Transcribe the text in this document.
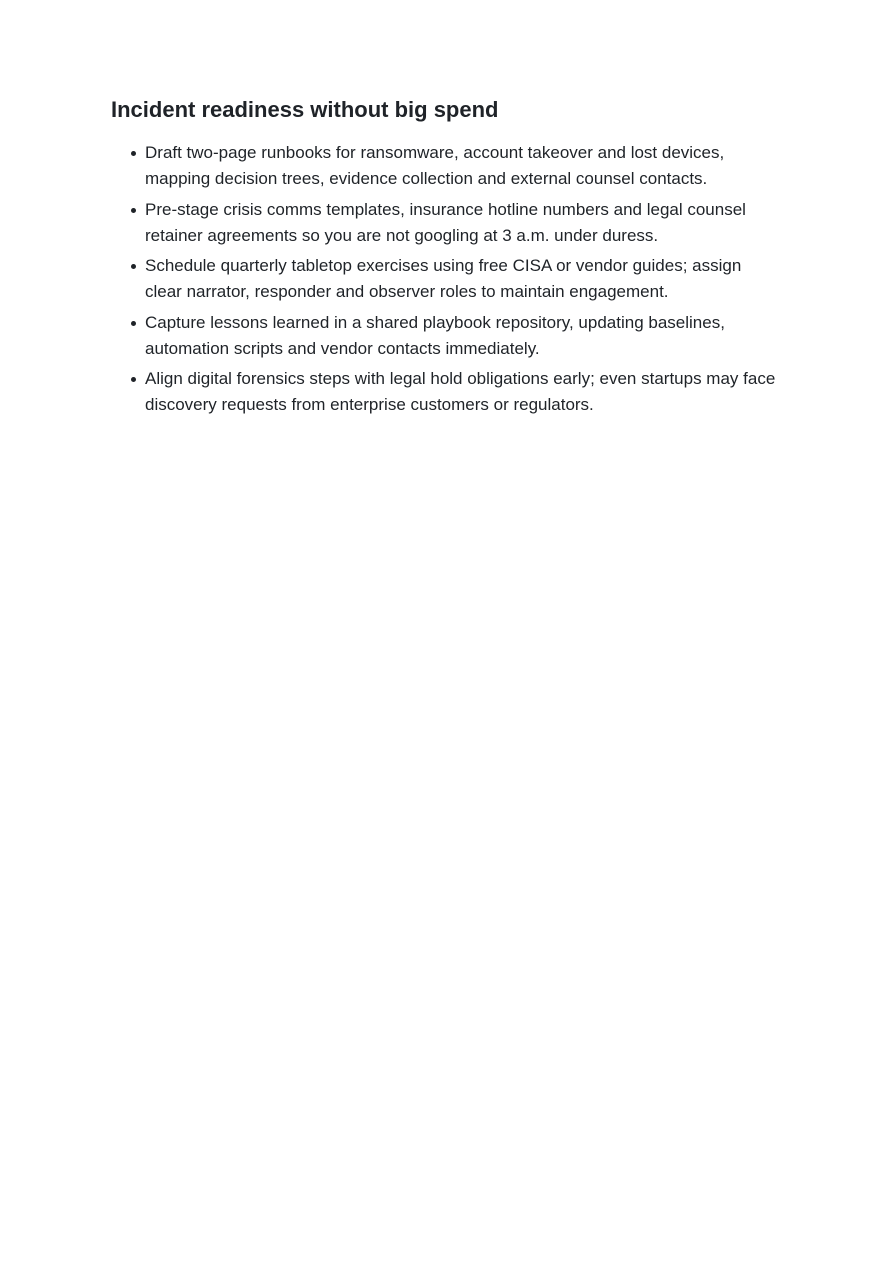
Incident readiness without big spend
Draft two-page runbooks for ransomware, account takeover and lost devices, mapping decision trees, evidence collection and external counsel contacts.
Pre-stage crisis comms templates, insurance hotline numbers and legal counsel retainer agreements so you are not googling at 3 a.m. under duress.
Schedule quarterly tabletop exercises using free CISA or vendor guides; assign clear narrator, responder and observer roles to maintain engagement.
Capture lessons learned in a shared playbook repository, updating baselines, automation scripts and vendor contacts immediately.
Align digital forensics steps with legal hold obligations early; even startups may face discovery requests from enterprise customers or regulators.
